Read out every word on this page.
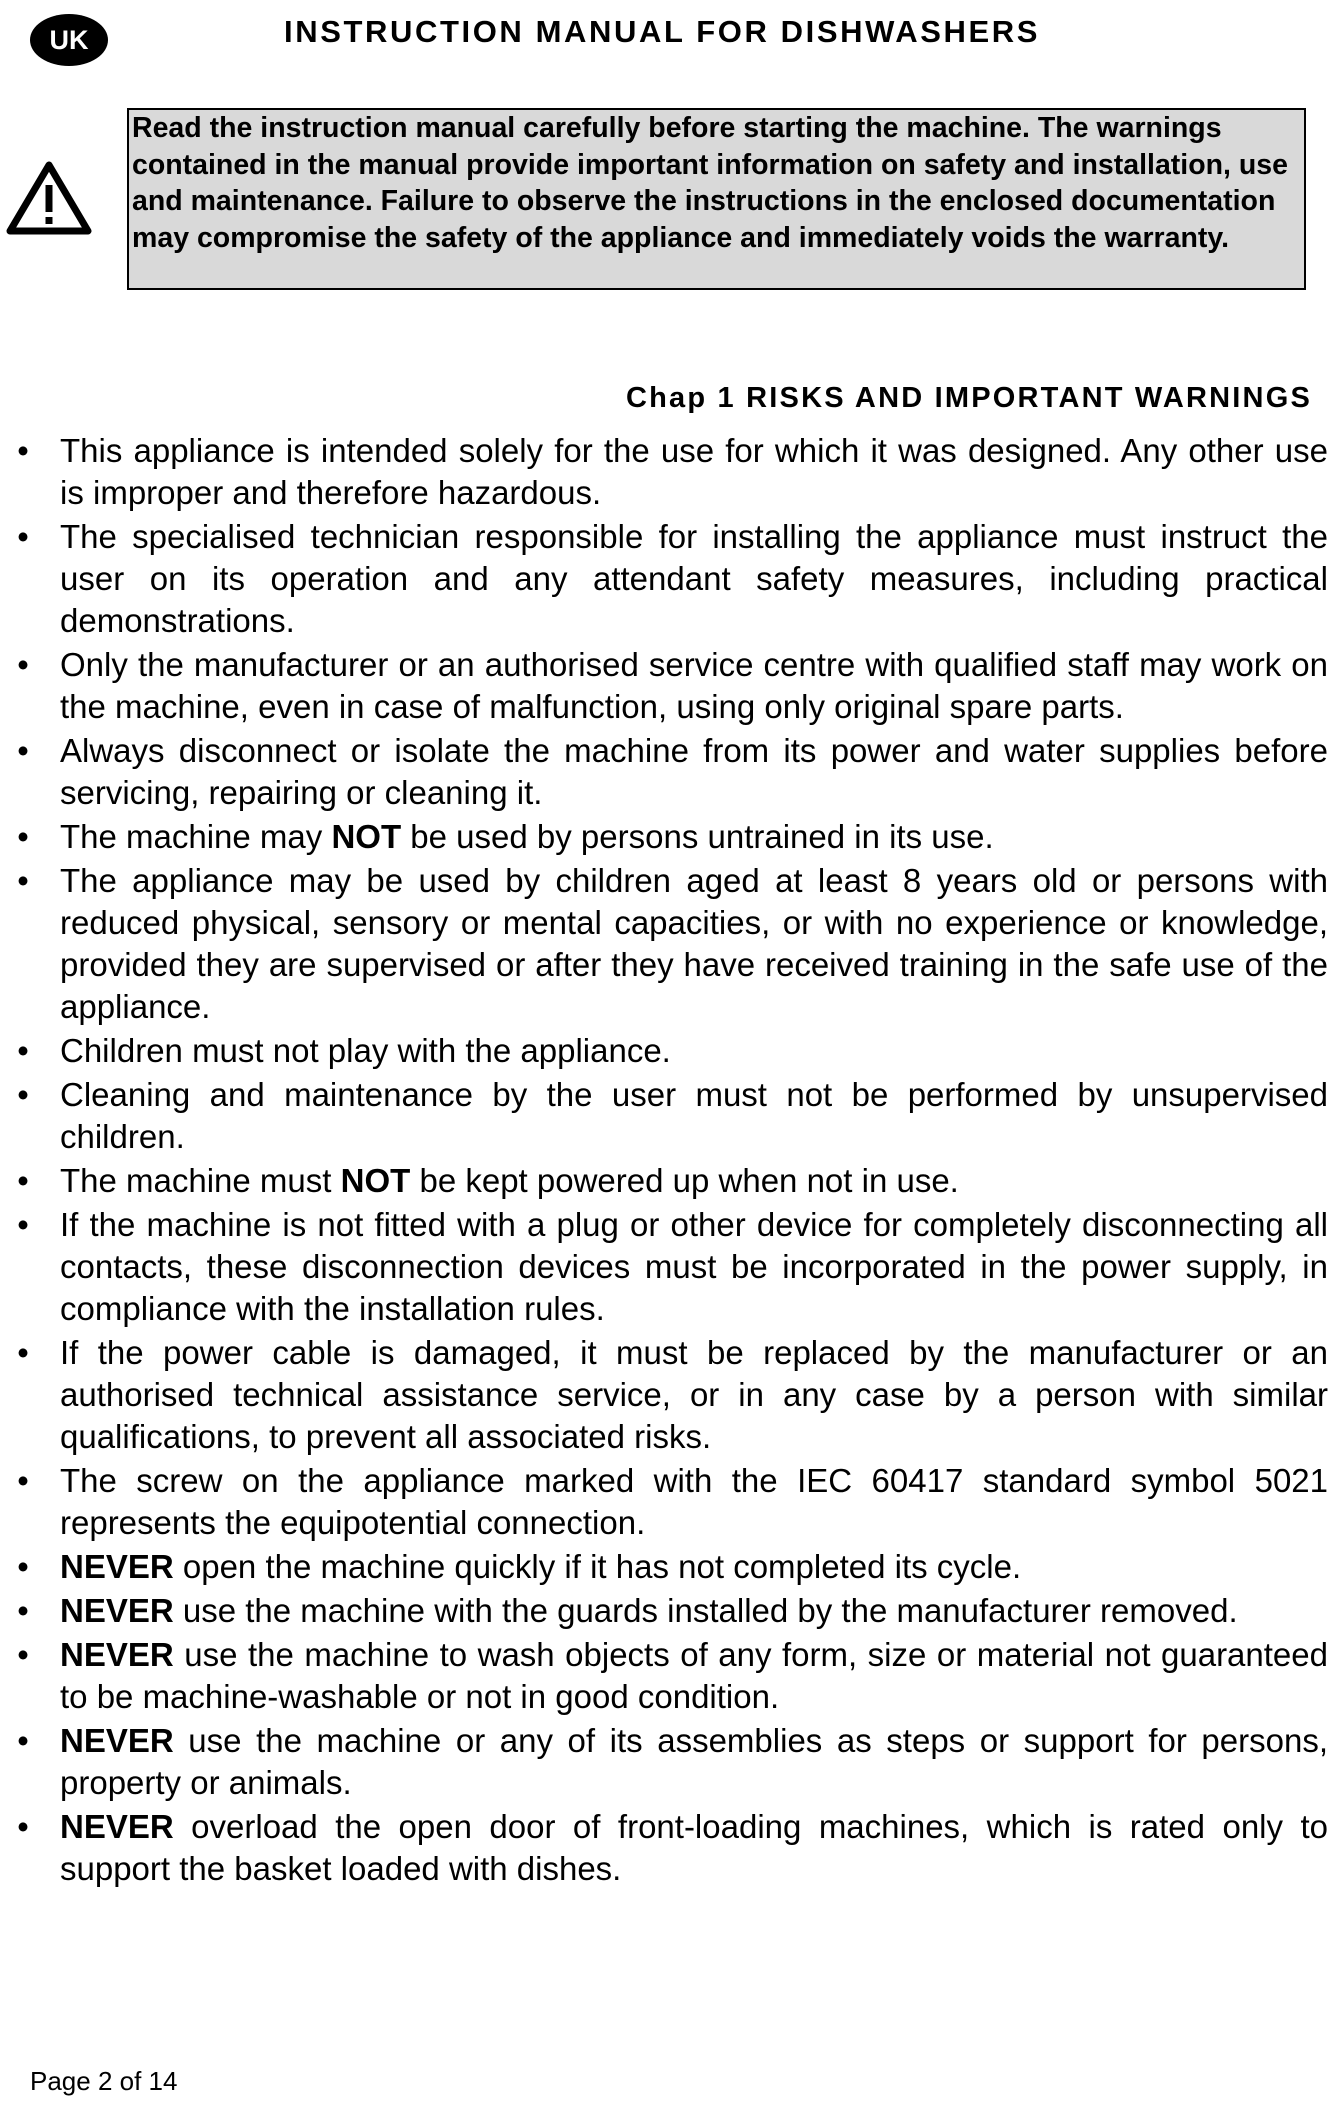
UK	INSTRUCTION MANUAL FOR DISHWASHERS

Read the instruction manual carefully before starting the machine. The warnings contained in the manual provide important information on safety and installation, use and maintenance. Failure to observe the instructions in the enclosed documentation may compromise the safety of the appliance and immediately voids the warranty.

Chap 1 RISKS AND IMPORTANT WARNINGS
• This appliance is intended solely for the use for which it was designed. Any other use is improper and therefore hazardous.
• The specialised technician responsible for installing the appliance must instruct the user on its operation and any attendant safety measures, including practical demonstrations.
• Only the manufacturer or an authorised service centre with qualified staff may work on the machine, even in case of malfunction, using only original spare parts.
• Always disconnect or isolate the machine from its power and water supplies before servicing, repairing or cleaning it.
• The machine may NOT be used by persons untrained in its use.
• The appliance may be used by children aged at least 8 years old or persons with reduced physical, sensory or mental capacities, or with no experience or knowledge, provided they are supervised or after they have received training in the safe use of the appliance.
• Children must not play with the appliance.
• Cleaning and maintenance by the user must not be performed by unsupervised children.
• The machine must NOT be kept powered up when not in use.
• If the machine is not fitted with a plug or other device for completely disconnecting all contacts, these disconnection devices must be incorporated in the power supply, in compliance with the installation rules.
• If the power cable is damaged, it must be replaced by the manufacturer or an authorised technical assistance service, or in any case by a person with similar qualifications, to prevent all associated risks.
• The screw on the appliance marked with the IEC 60417 standard symbol 5021 represents the equipotential connection.
• NEVER open the machine quickly if it has not completed its cycle.
• NEVER use the machine with the guards installed by the manufacturer removed.
• NEVER use the machine to wash objects of any form, size or material not guaranteed to be machine-washable or not in good condition.
• NEVER use the machine or any of its assemblies as steps or support for persons, property or animals.
• NEVER overload the open door of front-loading machines, which is rated only to support the basket loaded with dishes.
Page 2 of 14
